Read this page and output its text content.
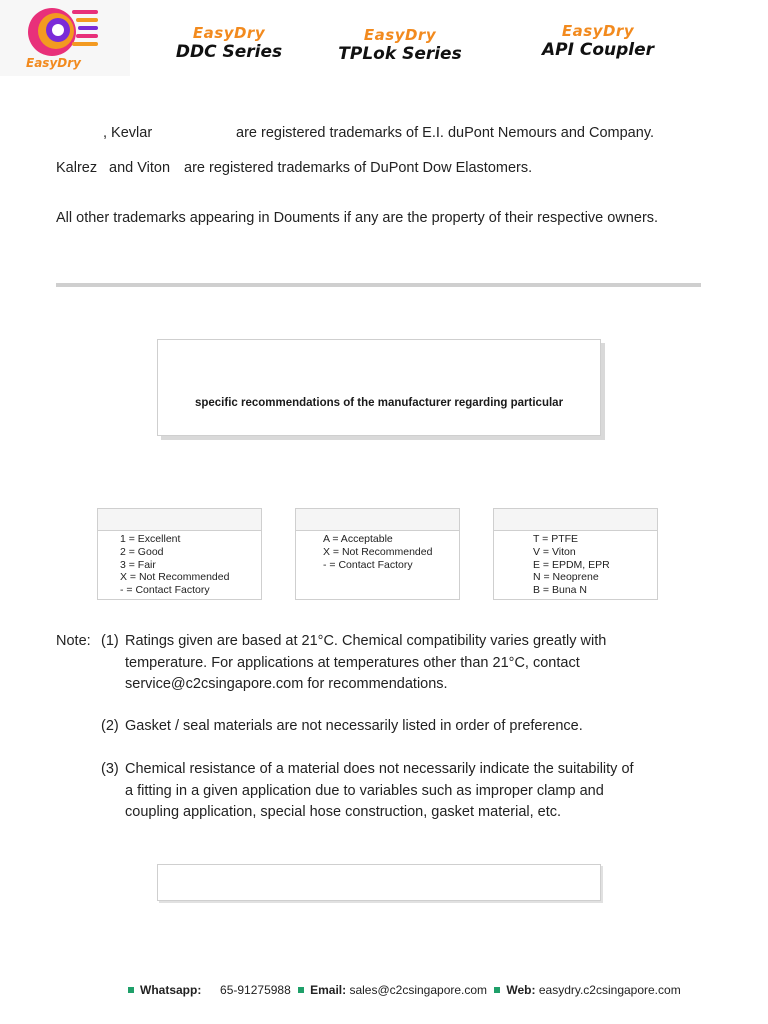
EasyDry
EasyDry
DDC Series
EasyDry
TPLok Series
EasyDry
API Coupler
, Kevlar	are registered trademarks of E.I. duPont Nemours and Company.
Kalrez and Viton are registered trademarks of DuPont Dow Elastomers.
All other trademarks appearing in Douments if any are the property of their respective owners.
specific recommendations of the manufacturer regarding particular
1 = Excellent
2 = Good
3 = Fair
X = Not Recommended
- = Contact Factory
A = Acceptable
X = Not Recommended
- = Contact Factory
T = PTFE
V = Viton
E = EPDM, EPR
N = Neoprene
B = Buna N
Note: (1) Ratings given are based at 21°C. Chemical compatibility varies greatly with
temperature. For applications at temperatures other than 21°C, contact
service@c2csingapore.com for recommendations.
(2) Gasket / seal materials are not necessarily listed in order of preference.
(3) Chemical resistance of a material does not necessarily indicate the suitability of
a fitting in a given application due to variables such as improper clamp and
coupling application, special hose construction, gasket material, etc.
Whatsapp: 65-91275988 Email: sales@c2csingapore.com Web: easydry.c2csingapore.com
